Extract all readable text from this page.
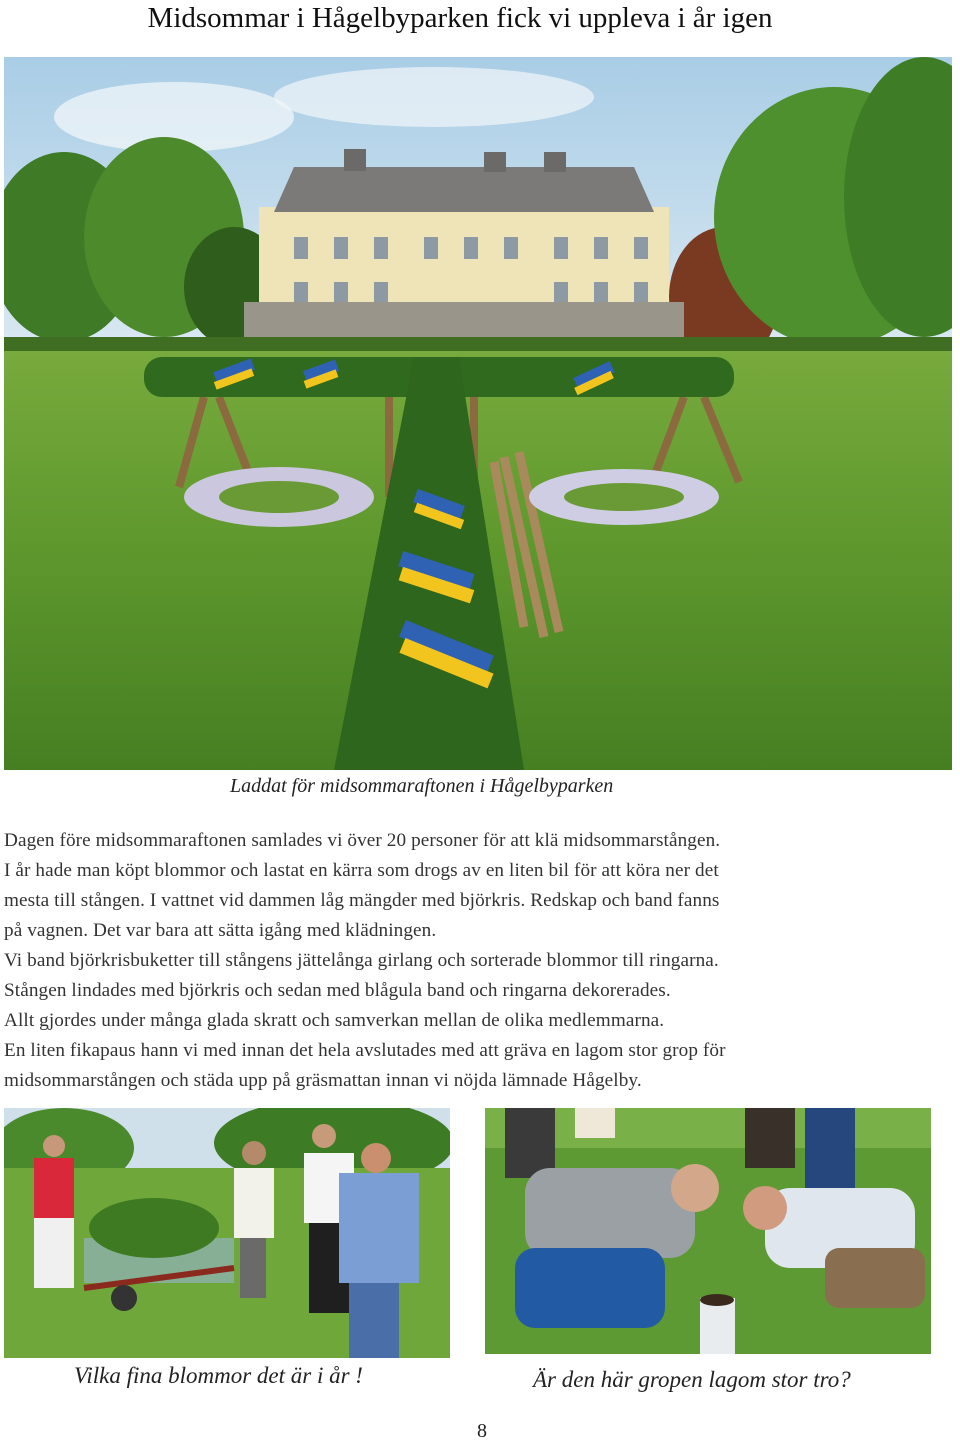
Midsommar i Hågelbyparken fick vi uppleva i år igen
Laddat för midsommaraftonen i Hågelbyparken

Dagen före midsommaraftonen samlades vi över 20 personer för att klä midsommarstången.

I år hade man köpt blommor och lastat en kärra som drogs av en liten bil för att köra ner det

mesta till stången. I vattnet vid dammen låg mängder med björkris. Redskap och band fanns

på vagnen. Det var bara att sätta igång med klädningen.

Vi band björkrisbuketter till stångens jättelånga girlang och sorterade blommor till ringarna.

Stången lindades med björkris och sedan med blågula band och ringarna dekorerades.

Allt gjordes under många glada skratt och samverkan mellan de olika medlemmarna.

En liten fikapaus hann vi med innan det hela avslutades med att gräva en lagom stor grop för

midsommarstången och städa upp på gräsmattan innan vi nöjda lämnade Hågelby.

Vilka fina blommor det är i år !	Är den här gropen lagom stor tro?
8
